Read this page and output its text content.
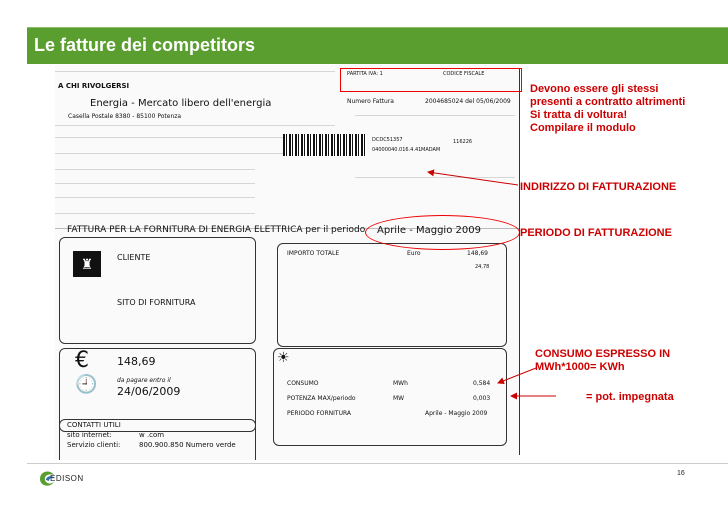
Le fatture dei competitors
A CHI RIVOLGERSI
Energia - Mercato libero dell'energia
Casella Postale 8380 - 85100 Potenza
PARTITA IVA: 1	CODICE FISCALE
Numero Fattura	2004685024 del 05/06/2009
DCDC51357
04000040.016.4.41
116226
MADAM
FATTURA PER LA FORNITURA DI ENERGIA ELETTRICA per il periodo Aprile - Maggio 2009
♜	CLIENTE
SITO DI FORNITURA
IMPORTO TOTALE	Euro	148,69
24,78
€	148,69
🕘	da pagare entro il
24/06/2009
☀
CONSUMO	MWh	0,584
POTENZA MAX/periodo	MW	0,003
PERIODO FORNITURA	Aprile - Maggio 2009
CONTATTI UTILI
sito internet:	w .com
Servizio clienti:	800.900.850 Numero verde
Devono essere gli stessi
presenti a contratto altrimenti
Si tratta di voltura!
Compilare il modulo
INDIRIZZO DI FATTURAZIONE
PERIODO DI FATTURAZIONE
CONSUMO ESPRESSO IN
MWh*1000= KWh
= pot. impegnata
EDISON
16
